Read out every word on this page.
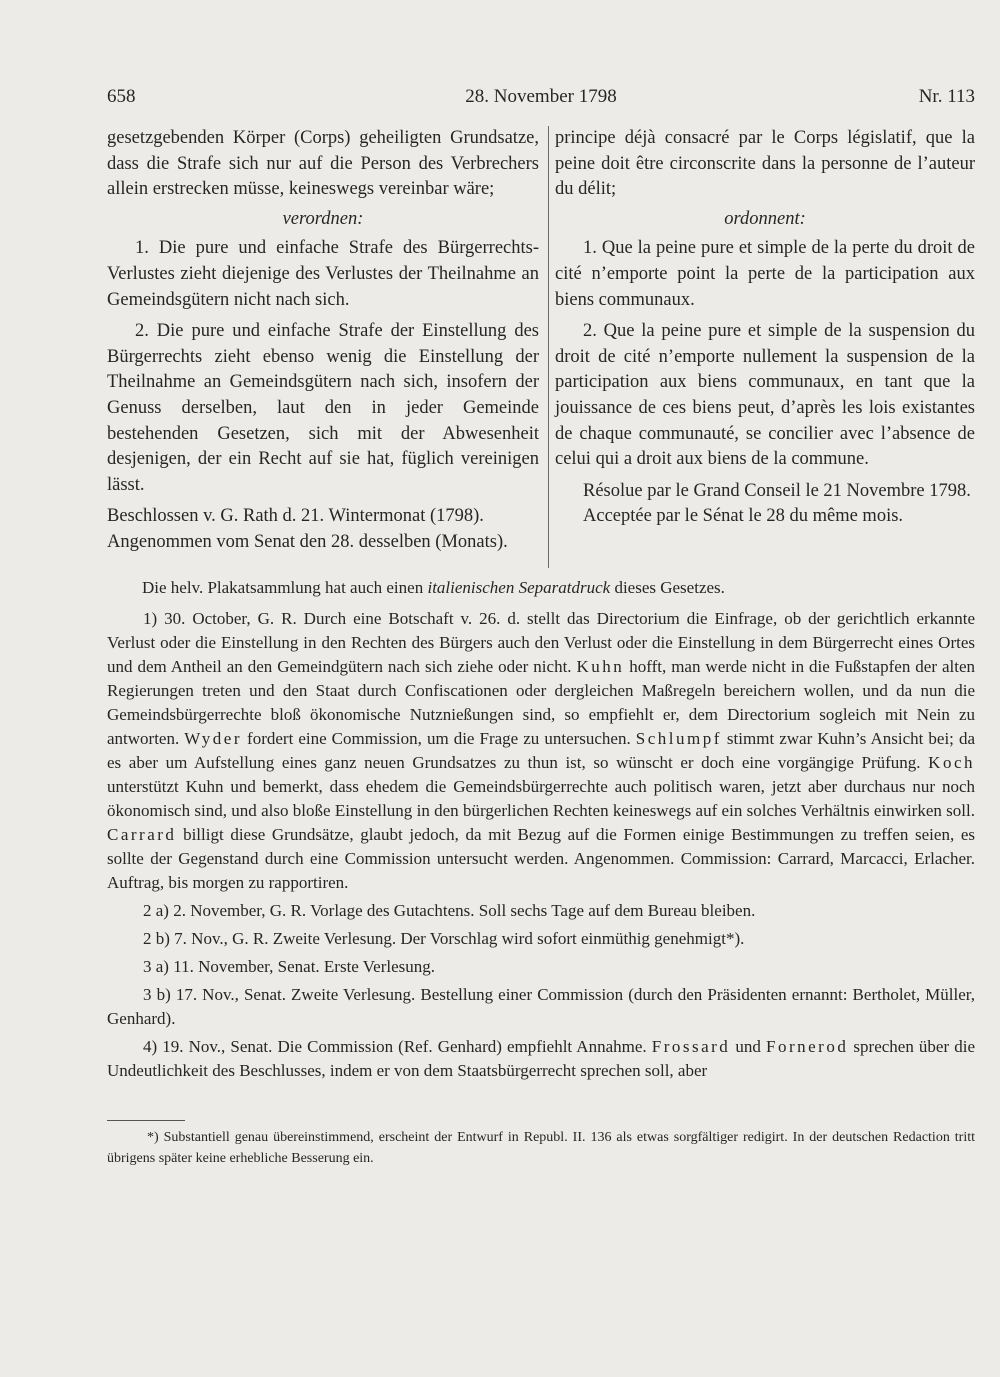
658	28. November 1798	Nr. 113

gesetzgebenden Körper (Corps) geheiligten Grundsatze, dass die Strafe sich nur auf die Person des Verbrechers allein erstrecken müsse, keineswegs vereinbar wäre;

verordnen:

1. Die pure und einfache Strafe des Bürgerrechts-Verlustes zieht diejenige des Verlustes der Theilnahme an Gemeindsgütern nicht nach sich.

2. Die pure und einfache Strafe der Einstellung des Bürgerrechts zieht ebenso wenig die Einstellung der Theilnahme an Gemeindsgütern nach sich, insofern der Genuss derselben, laut den in jeder Gemeinde bestehenden Gesetzen, sich mit der Abwesenheit desjenigen, der ein Recht auf sie hat, füglich vereinigen lässt.

Beschlossen v. G. Rath d. 21. Wintermonat (1798).

Angenommen vom Senat den 28. desselben (Monats).

principe déjà consacré par le Corps législatif, que la peine doit être circonscrite dans la personne de l’auteur du délit;

ordonnent:

1. Que la peine pure et simple de la perte du droit de cité n’emporte point la perte de la participation aux biens communaux.

2. Que la peine pure et simple de la suspension du droit de cité n’emporte nullement la suspension de la participation aux biens communaux, en tant que la jouissance de ces biens peut, d’après les lois existantes de chaque communauté, se concilier avec l’absence de celui qui a droit aux biens de la commune.

Résolue par le Grand Conseil le 21 Novembre 1798.

Acceptée par le Sénat le 28 du même mois.

Die helv. Plakatsammlung hat auch einen italienischen Separatdruck dieses Gesetzes.

1) 30. October, G. R. Durch eine Botschaft v. 26. d. stellt das Directorium die Einfrage, ob der gerichtlich erkannte Verlust oder die Einstellung in den Rechten des Bürgers auch den Verlust oder die Einstellung in dem Bürgerrecht eines Ortes und dem Antheil an den Gemeindgütern nach sich ziehe oder nicht. Kuhn hofft, man werde nicht in die Fußstapfen der alten Regierungen treten und den Staat durch Confiscationen oder dergleichen Maßregeln bereichern wollen, und da nun die Gemeindsbürgerrechte bloß ökonomische Nutznießungen sind, so empfiehlt er, dem Directorium sogleich mit Nein zu antworten. Wyder fordert eine Commission, um die Frage zu untersuchen. Schlumpf stimmt zwar Kuhn’s Ansicht bei; da es aber um Aufstellung eines ganz neuen Grundsatzes zu thun ist, so wünscht er doch eine vorgängige Prüfung. Koch unterstützt Kuhn und bemerkt, dass ehedem die Gemeindsbürgerrechte auch politisch waren, jetzt aber durchaus nur noch ökonomisch sind, und also bloße Einstellung in den bürgerlichen Rechten keineswegs auf ein solches Verhältnis einwirken soll. Carrard billigt diese Grundsätze, glaubt jedoch, da mit Bezug auf die Formen einige Bestimmungen zu treffen seien, es sollte der Gegenstand durch eine Commission untersucht werden. Angenommen. Commission: Carrard, Marcacci, Erlacher. Auftrag, bis morgen zu rapportiren.

2 a) 2. November, G. R. Vorlage des Gutachtens. Soll sechs Tage auf dem Bureau bleiben.

2 b) 7. Nov., G. R. Zweite Verlesung. Der Vorschlag wird sofort einmüthig genehmigt*).

3 a) 11. November, Senat. Erste Verlesung.

3 b) 17. Nov., Senat. Zweite Verlesung. Bestellung einer Commission (durch den Präsidenten ernannt: Bertholet, Müller, Genhard).

4) 19. Nov., Senat. Die Commission (Ref. Genhard) empfiehlt Annahme. Frossard und Fornerod sprechen über die Undeutlichkeit des Beschlusses, indem er von dem Staatsbürgerrecht sprechen soll, aber

*) Substantiell genau übereinstimmend, erscheint der Entwurf in Republ. II. 136 als etwas sorgfältiger redigirt. In der deutschen Redaction tritt übrigens später keine erhebliche Besserung ein.
